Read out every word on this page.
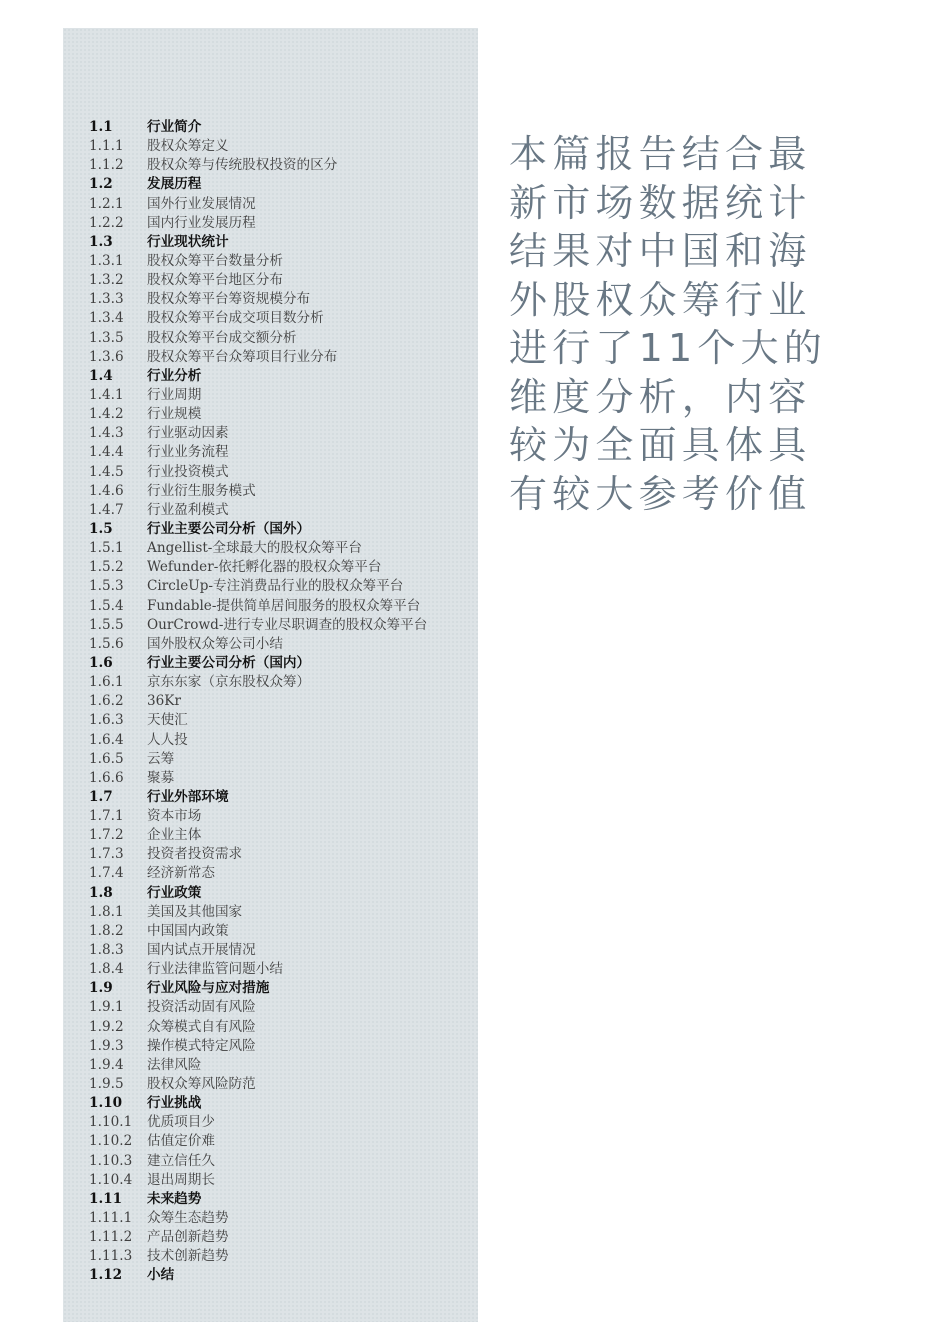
1.1	行业简介
1.1.1	股权众筹定义
1.1.2	股权众筹与传统股权投资的区分
1.2	发展历程
1.2.1	国外行业发展情况
1.2.2	国内行业发展历程
1.3	行业现状统计
1.3.1	股权众筹平台数量分析
1.3.2	股权众筹平台地区分布
1.3.3	股权众筹平台筹资规模分布
1.3.4	股权众筹平台成交项目数分析
1.3.5	股权众筹平台成交额分析
1.3.6	股权众筹平台众筹项目行业分布
1.4	行业分析
1.4.1	行业周期
1.4.2	行业规模
1.4.3	行业驱动因素
1.4.4	行业业务流程
1.4.5	行业投资模式
1.4.6	行业衍生服务模式
1.4.7	行业盈利模式
1.5	行业主要公司分析（国外）
1.5.1	Angellist-全球最大的股权众筹平台
1.5.2	Wefunder-依托孵化器的股权众筹平台
1.5.3	CircleUp-专注消费品行业的股权众筹平台
1.5.4	Fundable-提供简单居间服务的股权众筹平台
1.5.5	OurCrowd-进行专业尽职调查的股权众筹平台
1.5.6	国外股权众筹公司小结
1.6	行业主要公司分析（国内）
1.6.1	京东东家（京东股权众筹）
1.6.2	36Kr
1.6.3	天使汇
1.6.4	人人投
1.6.5	云筹
1.6.6	聚募
1.7	行业外部环境
1.7.1	资本市场
1.7.2	企业主体
1.7.3	投资者投资需求
1.7.4	经济新常态
1.8	行业政策
1.8.1	美国及其他国家
1.8.2	中国国内政策
1.8.3	国内试点开展情况
1.8.4	行业法律监管问题小结
1.9	行业风险与应对措施
1.9.1	投资活动固有风险
1.9.2	众筹模式自有风险
1.9.3	操作模式特定风险
1.9.4	法律风险
1.9.5	股权众筹风险防范
1.10	行业挑战
1.10.1	优质项目少
1.10.2	估值定价难
1.10.3	建立信任久
1.10.4	退出周期长
1.11	未来趋势
1.11.1	众筹生态趋势
1.11.2	产品创新趋势
1.11.3	技术创新趋势
1.12	小结
本篇报告结合最新市场数据统计结果对中国和海外股权众筹行业进行了11个大的维度分析，内容较为全面具体具有较大参考价值
